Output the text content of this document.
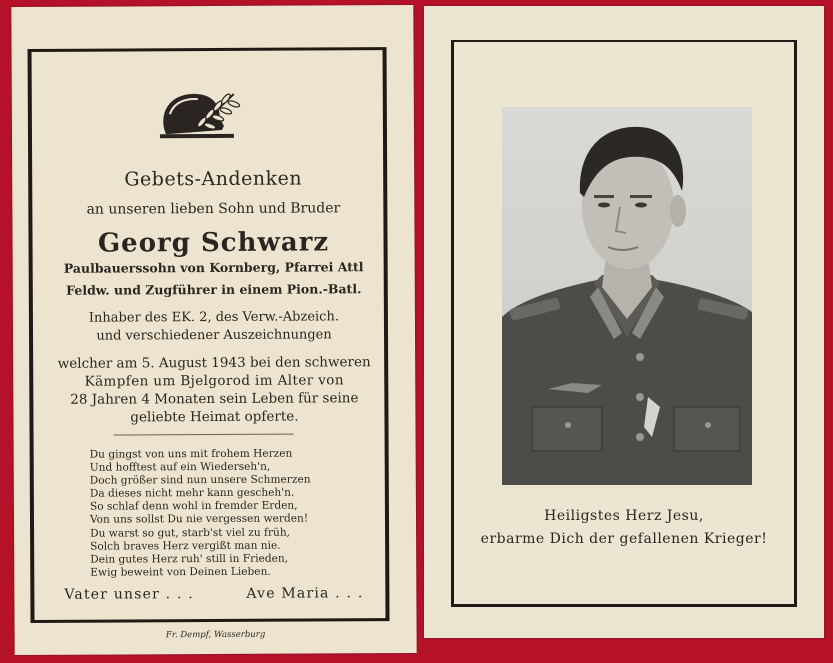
Gebets-Andenken
an unseren lieben Sohn und Bruder
Georg Schwarz
Paulbauerssohn von Kornberg, Pfarrei Attl
Feldw. und Zugführer in einem Pion.-Batl.
Inhaber des EK. 2, des Verw.-Abzeich.
und verschiedener Auszeichnungen
welcher am 5. August 1943 bei den schweren
Kämpfen um Bjelgorod im Alter von
28 Jahren 4 Monaten sein Leben für seine
geliebte Heimat opferte.
Du gingst von uns mit frohem Herzen
Und hofftest auf ein Wiederseh'n,
Doch größer sind nun unsere Schmerzen
Da dieses nicht mehr kann gescheh'n.
So schlaf denn wohl in fremder Erden,
Von uns sollst Du nie vergessen werden!
Du warst so gut, starb'st viel zu früh,
Solch braves Herz vergißt man nie.
Dein gutes Herz ruh' still in Frieden,
Ewig beweint von Deinen Lieben.
Vater unser . . .	Ave Maria . . .
Fr. Dempf, Wasserburg
Heiligstes Herz Jesu,
erbarme Dich der gefallenen Krieger!
